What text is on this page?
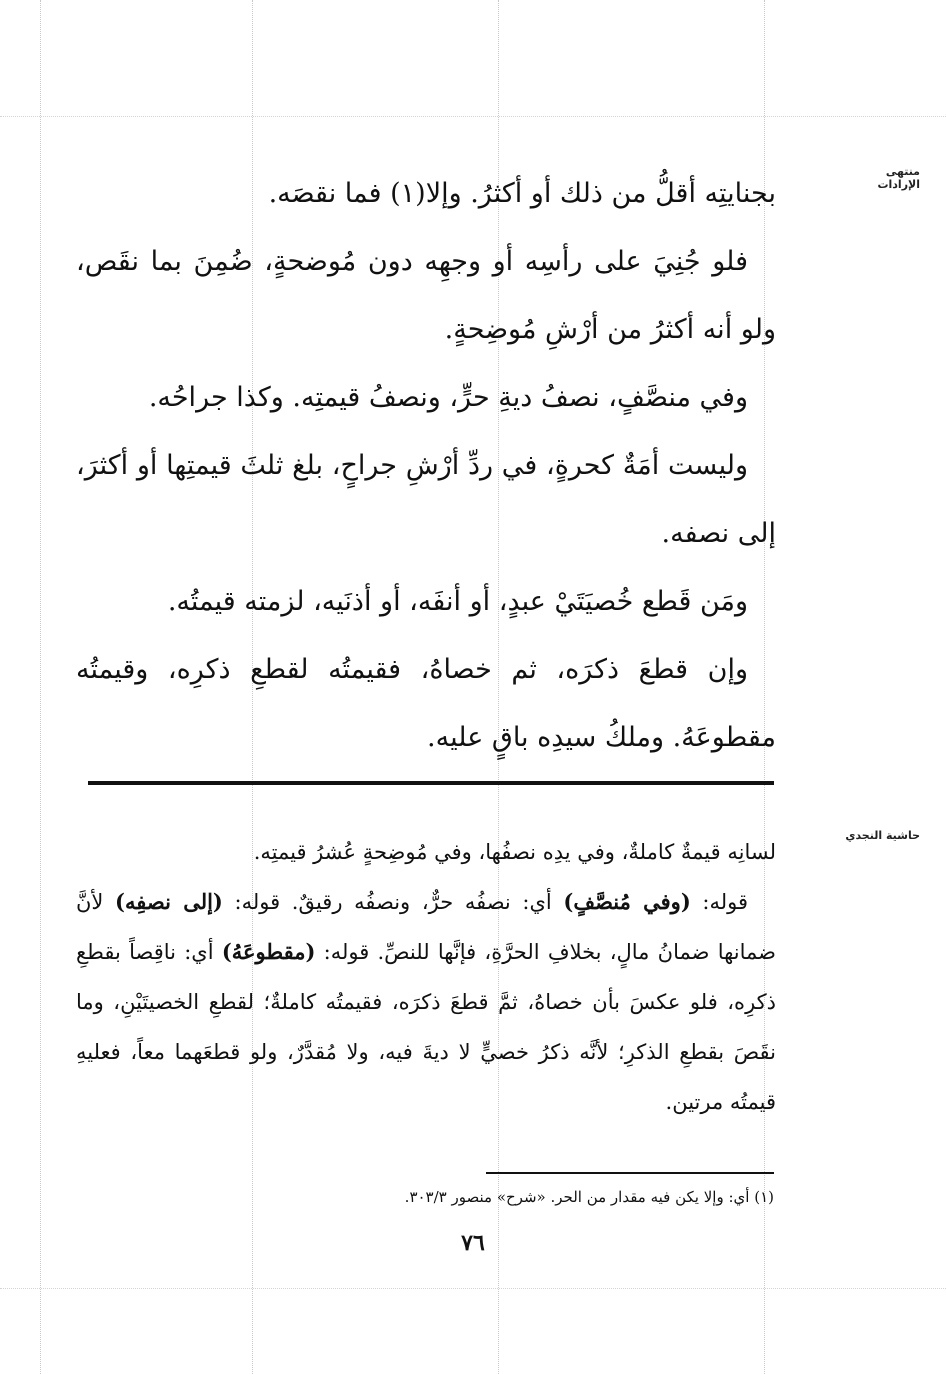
منتهى الإرادات
حاشية النجدي

بجنايتِه أقلُّ من ذلك أو أكثرُ. وإلا(١) فما نقصَه.

فلو جُنِيَ على رأسِه أو وجهِه دون مُوضحةٍ، ضُمِنَ بما نقَص، ولو أنه أكثرُ من أرْشِ مُوضِحةٍ.

وفي منصَّفٍ، نصفُ ديةِ حرٍّ، ونصفُ قيمتِه. وكذا جراحُه.

وليست أمَةٌ كحرةٍ، في ردِّ أرْشِ جراحٍ، بلغ ثلثَ قيمتِها أو أكثرَ، إلى نصفه.

ومَن قَطع خُصيَتَيْ عبدٍ، أو أنفَه، أو أذنَيه، لزمته قيمتُه.

وإن قطعَ ذكرَه، ثم خصاهُ، فقيمتُه لقطعِ ذكرِه، وقيمتُه مقطوعَهُ. وملكُ سيدِه باقٍ عليه.

لسانِه قيمةٌ كاملةٌ، وفي يدِه نصفُها، وفي مُوضِحةٍ عُشرُ قيمتِه.

قوله: (وفي مُنصَّفٍ) أي: نصفُه حرٌّ، ونصفُه رقيقٌ. قوله: (إلى نصفِه) لأنَّ ضمانها ضمانُ مالٍ، بخلافِ الحرَّةِ، فإنَّها للنصِّ. قوله: (مقطوعَهُ) أي: ناقِصاً بقطعِ ذكرِه، فلو عكسَ بأن خصاهُ، ثمَّ قطعَ ذكرَه، فقيمتُه كاملةٌ؛ لقطعِ الخصيتَيْنِ، وما نقَصَ بقطعِ الذكرِ؛ لأنَّه ذكرُ خصيٍّ لا ديةَ فيه، ولا مُقدَّرٌ، ولو قطعَهما معاً، فعليهِ قيمتُه مرتين.

(١) أي: وإلا يكن فيه مقدار من الحر. «شرح» منصور ٣٠٣/٣.
٧٦
